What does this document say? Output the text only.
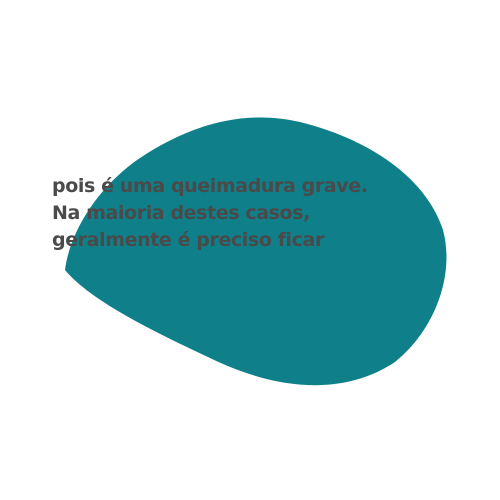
pois é uma queimadura grave.
Na maioria destes casos,
geralmente é preciso ficar
